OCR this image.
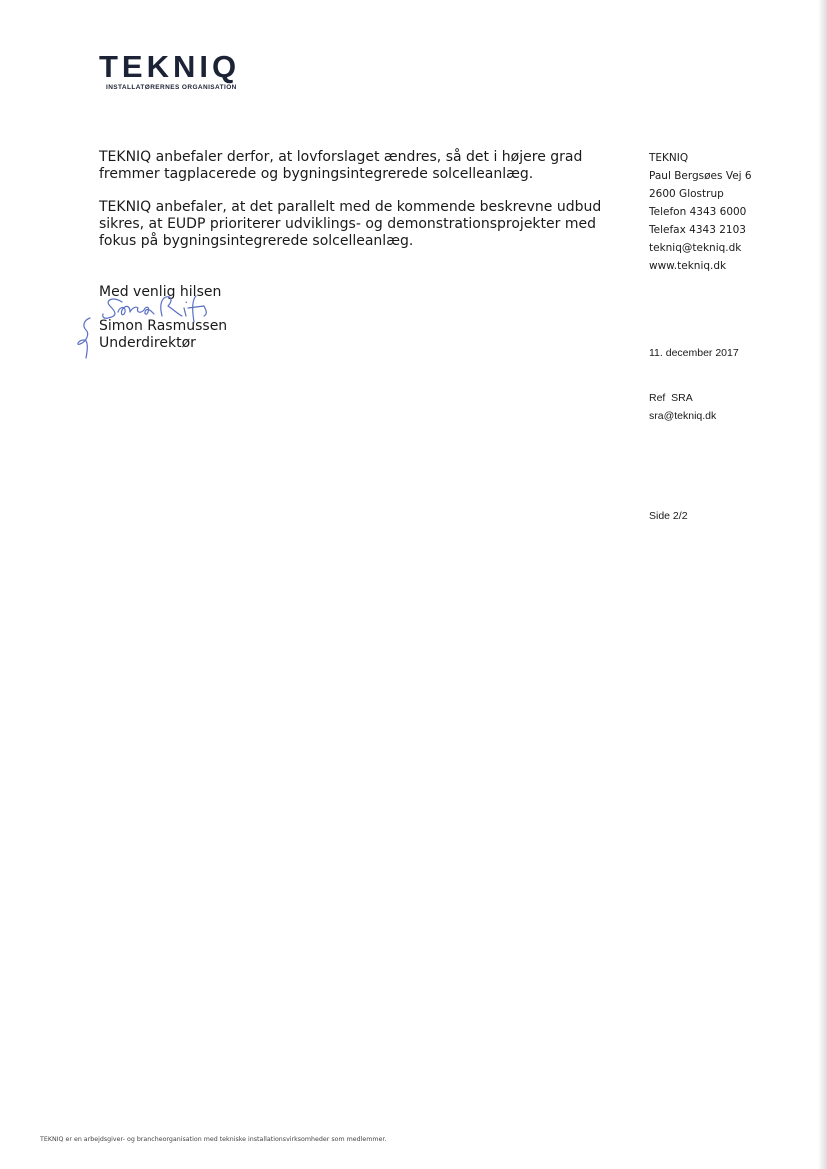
TEKNIQ
INSTALLATØRERNES ORGANISATION

TEKNIQ anbefaler derfor, at lovforslaget ændres, så det i højere grad fremmer tagplacerede og bygningsintegrerede solcelleanlæg.

TEKNIQ anbefaler, at det parallelt med de kommende beskrevne udbud sikres, at EUDP prioriterer udviklings- og demonstrationsprojekter med fokus på bygningsintegrerede solcelleanlæg.

Med venlig hilsen

Simon Rasmussen

Underdirektør

TEKNIQ
Paul Bergsøes Vej 6
2600 Glostrup
Telefon 4343 6000
Telefax 4343 2103
tekniq@tekniq.dk
www.tekniq.dk
11. december 2017
Ref  SRA
sra@tekniq.dk
Side 2/2
TEKNIQ er en arbejdsgiver- og brancheorganisation med tekniske installationsvirksomheder som medlemmer.
